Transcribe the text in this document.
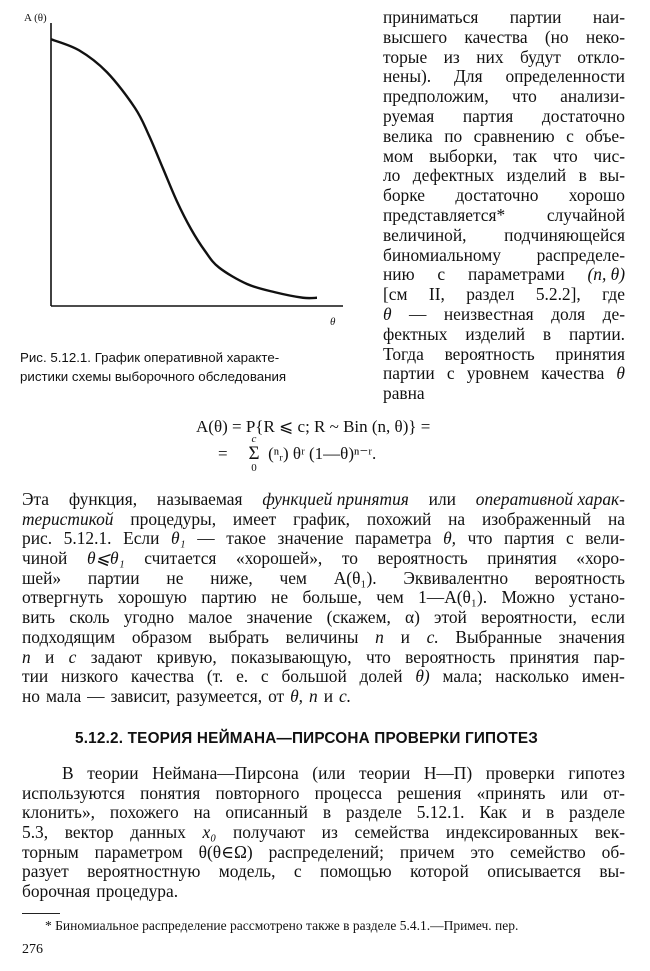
A (θ)
θ
Рис. 5.12.1. График оперативной характе-
ристики схемы выборочного обследования
приниматься партии наи-
высшего качества (но неко-
торые из них будут откло-
нены). Для определенности
предположим, что анализи-
руемая партия достаточно
велика по сравнению с объе-
мом выборки, так что чис-
ло дефектных изделий в вы-
борке достаточно хорошо
представляется* случайной
величиной, подчиняющейся
биномиальному распределе-
нию с параметрами (n, θ)
[см II, раздел 5.2.2], где
θ — неизвестная доля де-
фектных изделий в партии.
Тогда вероятность принятия
партии с уровнем качества θ
равна
A(θ) = P{R ⩽ c; R ~ Bin (n, θ)} =
= (ⁿᵣ) θʳ (1—θ)ⁿ⁻ʳ.
c
Σ
0
Эта функция, называемая функцией принятия или оперативной харак-
теристикой процедуры, имеет график, похожий на изображенный на
рис. 5.12.1. Если θ₁ — такое значение параметра θ, что партия с вели-
чиной θ⩽θ₁ считается «хорошей», то вероятность принятия «хоро-
шей» партии не ниже, чем A(θ₁). Эквивалентно вероятность
отвергнуть хорошую партию не больше, чем 1—A(θ₁). Можно устано-
вить сколь угодно малое значение (скажем, α) этой вероятности, если
подходящим образом выбрать величины n и c. Выбранные значения
n и c задают кривую, показывающую, что вероятность принятия пар-
тии низкого качества (т. е. с большой долей θ) мала; насколько имен-
но мала — зависит, разумеется, от θ, n и c.
5.12.2. ТЕОРИЯ НЕЙМАНА—ПИРСОНА ПРОВЕРКИ ГИПОТЕЗ
В теории Неймана—Пирсона (или теории Н—П) проверки гипотез
используются понятия повторного процесса решения «принять или от-
клонить», похожего на описанный в разделе 5.12.1. Как и в разделе
5.3, вектор данных x₀ получают из семейства индексированных век-
торным параметром θ(θ∈Ω) распределений; причем это семейство об-
разует вероятностную модель, с помощью которой описывается вы-
борочная процедура.
* Биномиальное распределение рассмотрено также в разделе 5.4.1.—Примеч. пер.
276
